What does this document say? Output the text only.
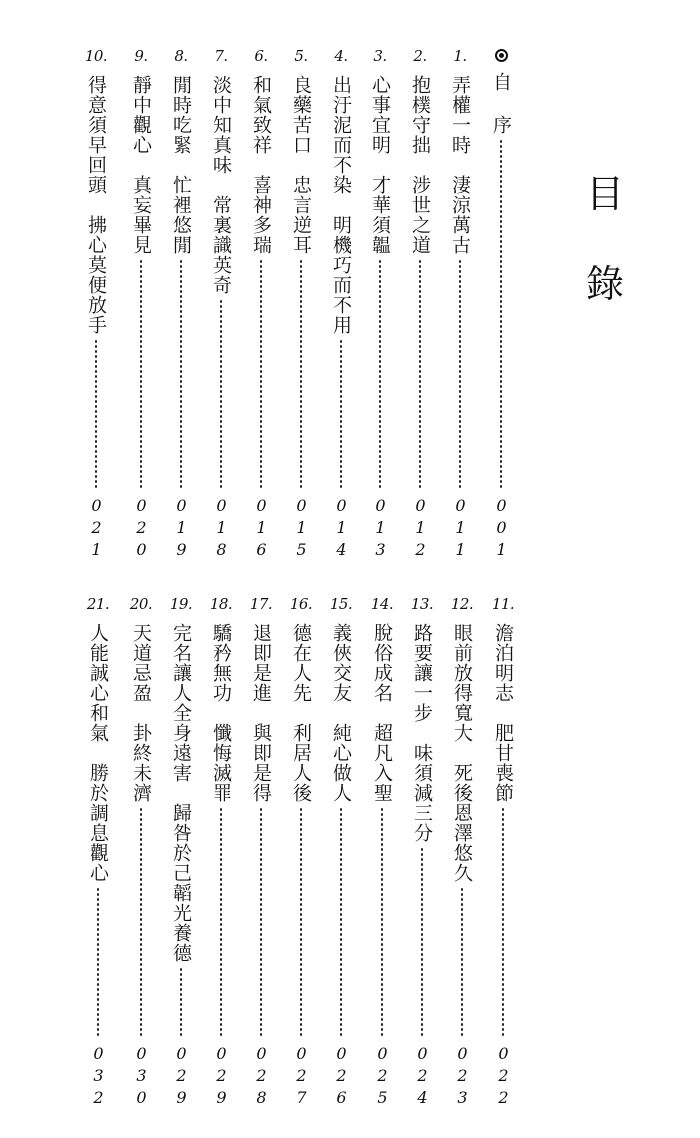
目
錄
自 序
001
1.
弄權一時　淒涼萬古
011
2.
抱樸守拙　涉世之道
012
3.
心事宜明　才華須韞
013
4.
出汙泥而不染　明機巧而不用
014
5.
良藥苦口　忠言逆耳
015
6.
和氣致祥　喜神多瑞
016
7.
淡中知真味　常裏識英奇
018
8.
閒時吃緊　忙裡悠閒
019
9.
靜中觀心　真妄畢見
020
10.
得意須早回頭　拂心莫便放手
021
11.
澹泊明志　肥甘喪節
022
12.
眼前放得寬大　死後恩澤悠久
023
13.
路要讓一步　味須減三分
024
14.
脫俗成名　超凡入聖
025
15.
義俠交友　純心做人
026
16.
德在人先　利居人後
027
17.
退即是進　與即是得
028
18.
驕矜無功　懺悔滅罪
029
19.
完名讓人全身遠害　歸咎於己韜光養德
029
20.
天道忌盈　卦終未濟
030
21.
人能誠心和氣　勝於調息觀心
032
